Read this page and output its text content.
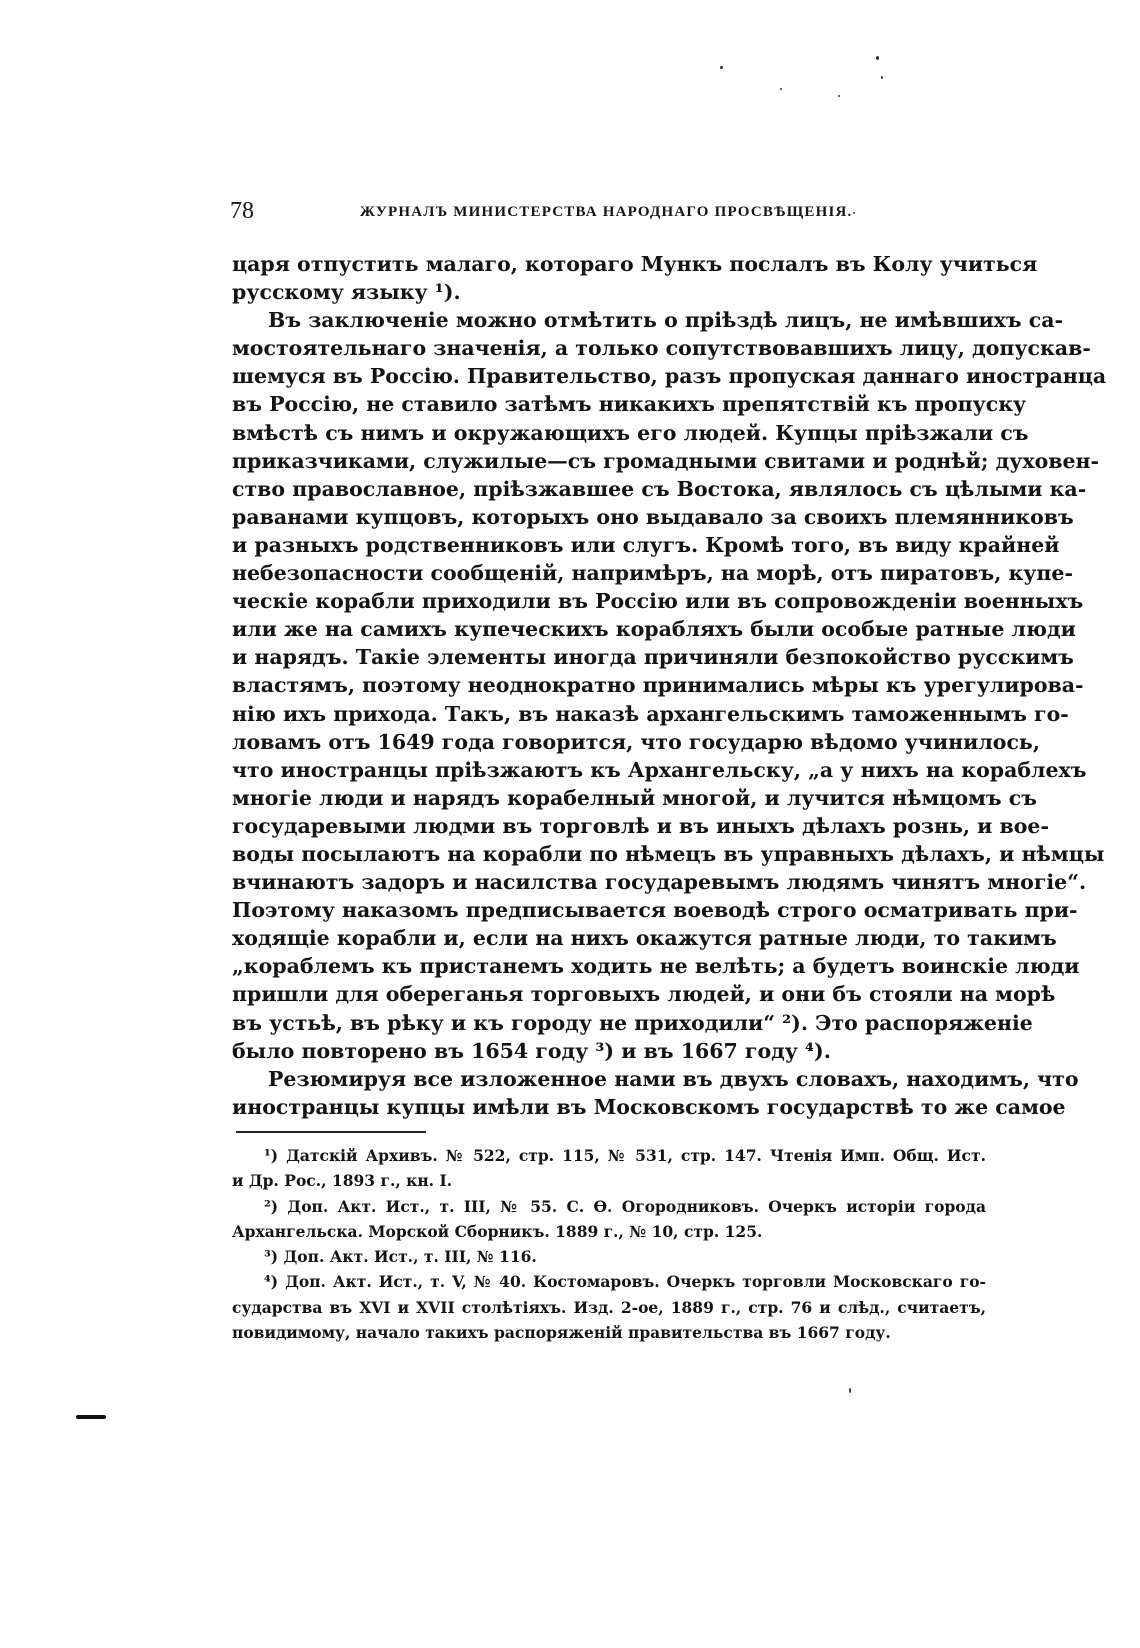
78	ЖУРНАЛЪ МИНИСТЕРСТВА НАРОДНАГО ПРОСВѢЩЕНІЯ.
царя отпустить малаго, котораго Мункъ послалъ въ Колу учиться
русскому языку ¹).
Въ заключеніе можно отмѣтить о пріѣздѣ лицъ, не имѣвшихъ са-
мостоятельнаго значенія, а только сопутствовавшихъ лицу, допускав-
шемуся въ Россію. Правительство, разъ пропуская даннаго иностранца
въ Россію, не ставило затѣмъ никакихъ препятствій къ пропуску
вмѣстѣ съ нимъ и окружающихъ его людей. Купцы пріѣзжали съ
приказчиками, служилые—съ громадными свитами и роднѣй; духовен-
ство православное, пріѣзжавшее съ Востока, являлось съ цѣлыми ка-
раванами купцовъ, которыхъ оно выдавало за своихъ племянниковъ
и разныхъ родственниковъ или слугъ. Кромѣ того, въ виду крайней
небезопасности сообщеній, напримѣръ, на морѣ, отъ пиратовъ, купе-
ческіе корабли приходили въ Россію или въ сопровожденіи военныхъ
или же на самихъ купеческихъ корабляхъ были особые ратные люди
и нарядъ. Такіе элементы иногда причиняли безпокойство русскимъ
властямъ, поэтому неоднократно принимались мѣры къ урегулирова-
нію ихъ прихода. Такъ, въ наказѣ архангельскимъ таможеннымъ го-
ловамъ отъ 1649 года говорится, что государю вѣдомо учинилось,
что иностранцы пріѣзжаютъ къ Архангельску, „а у нихъ на кораблехъ
многіе люди и нарядъ корабелный многой, и лучится нѣмцомъ съ
государевыми людми въ торговлѣ и въ иныхъ дѣлахъ рознь, и вое-
воды посылаютъ на корабли по нѣмецъ въ управныхъ дѣлахъ, и нѣмцы
вчинаютъ задоръ и насилства государевымъ людямъ чинятъ многіе“.
Поэтому наказомъ предписывается воеводѣ строго осматривать при-
ходящіе корабли и, если на нихъ окажутся ратные люди, то такимъ
„кораблемъ къ пристанемъ ходить не велѣть; а будетъ воинскіе люди
пришли для обереганья торговыхъ людей, и они бъ стояли на морѣ
въ устьѣ, въ рѣку и къ городу не приходили“ ²). Это распоряженіе
было повторено въ 1654 году ³) и въ 1667 году ⁴).
Резюмируя все изложенное нами въ двухъ словахъ, находимъ, что
иностранцы купцы имѣли въ Московскомъ государствѣ то же самое
¹) Датскій Архивъ. № 522, стр. 115, № 531, стр. 147. Чтенія Имп. Общ. Ист.
и Др. Рос., 1893 г., кн. I.
²) Доп. Акт. Ист., т. III, № 55. С. Ѳ. Огородниковъ. Очеркъ исторіи города
Архангельска. Морской Сборникъ. 1889 г., № 10, стр. 125.
³) Доп. Акт. Ист., т. III, № 116.
⁴) Доп. Акт. Ист., т. V, № 40. Костомаровъ. Очеркъ торговли Московскаго го-
сударства въ XVI и XVII столѣтіяхъ. Изд. 2-ое, 1889 г., стр. 76 и слѣд., считаетъ,
повидимому, начало такихъ распоряженій правительства въ 1667 году.
